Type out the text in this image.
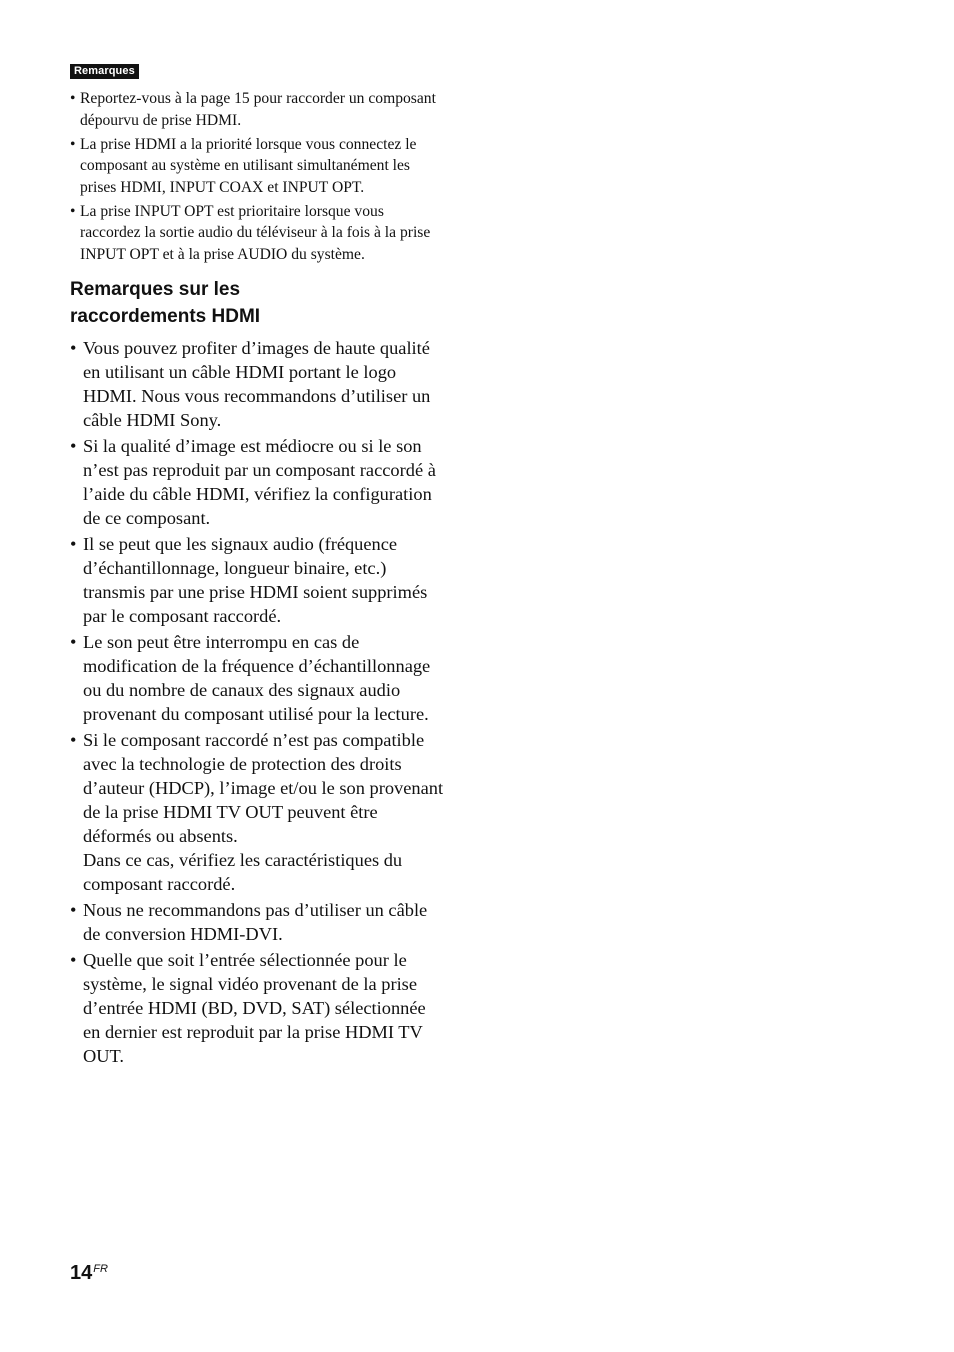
Remarques
• Reportez-vous à la page 15 pour raccorder un composant dépourvu de prise HDMI.
• La prise HDMI a la priorité lorsque vous connectez le composant au système en utilisant simultanément les prises HDMI, INPUT COAX et INPUT OPT.
• La prise INPUT OPT est prioritaire lorsque vous raccordez la sortie audio du téléviseur à la fois à la prise INPUT OPT et à la prise AUDIO du système.
Remarques sur les
raccordements HDMI
• Vous pouvez profiter d’images de haute qualité en utilisant un câble HDMI portant le logo HDMI. Nous vous recommandons d’utiliser un câble HDMI Sony.
• Si la qualité d’image est médiocre ou si le son n’est pas reproduit par un composant raccordé à l’aide du câble HDMI, vérifiez la configuration de ce composant.
• Il se peut que les signaux audio (fréquence d’échantillonnage, longueur binaire, etc.) transmis par une prise HDMI soient supprimés par le composant raccordé.
• Le son peut être interrompu en cas de modification de la fréquence d’échantillonnage ou du nombre de canaux des signaux audio provenant du composant utilisé pour la lecture.
• Si le composant raccordé n’est pas compatible avec la technologie de protection des droits d’auteur (HDCP), l’image et/ou le son provenant de la prise HDMI TV OUT peuvent être déformés ou absents.
Dans ce cas, vérifiez les caractéristiques du composant raccordé.
• Nous ne recommandons pas d’utiliser un câble de conversion HDMI-DVI.
• Quelle que soit l’entrée sélectionnée pour le système, le signal vidéo provenant de la prise d’entrée HDMI (BD, DVD, SAT) sélectionnée en dernier est reproduit par la prise HDMI TV OUT.
$14^{FR}$
